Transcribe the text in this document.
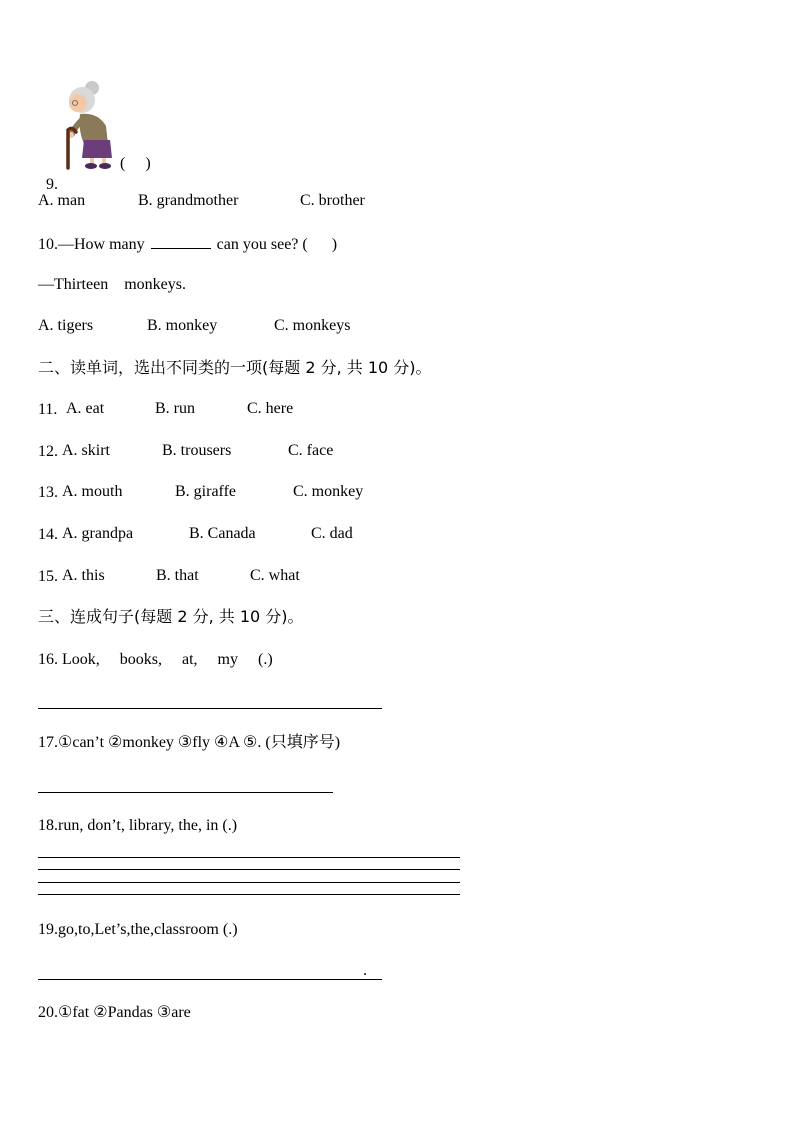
9.

(     )
A. man	B. grandmother	C. brother
10.—How many	can you see? (      )
—Thirteen    monkeys.
A. tigers	B. monkey	C. monkeys
二、读单词，选出不同类的一项(每题 2 分, 共 10 分)。
11. A. eat	B. run	C. here
12. A. skirt	B. trousers	C. face
13. A. mouth	B. giraffe	C. monkey
14. A. grandpa	B. Canada	C. dad
15. A. this	B. that	C. what
三、连成句子(每题 2 分, 共 10 分)。
16. Look,     books,     at,     my     (.)
17.①can’t ②monkey ③fly ④A ⑤. (只填序号)
18.run, don’t, library, the, in (.)
19.go,to,Let’s,the,classroom (.)
.
20.①fat ②Pandas ③are
